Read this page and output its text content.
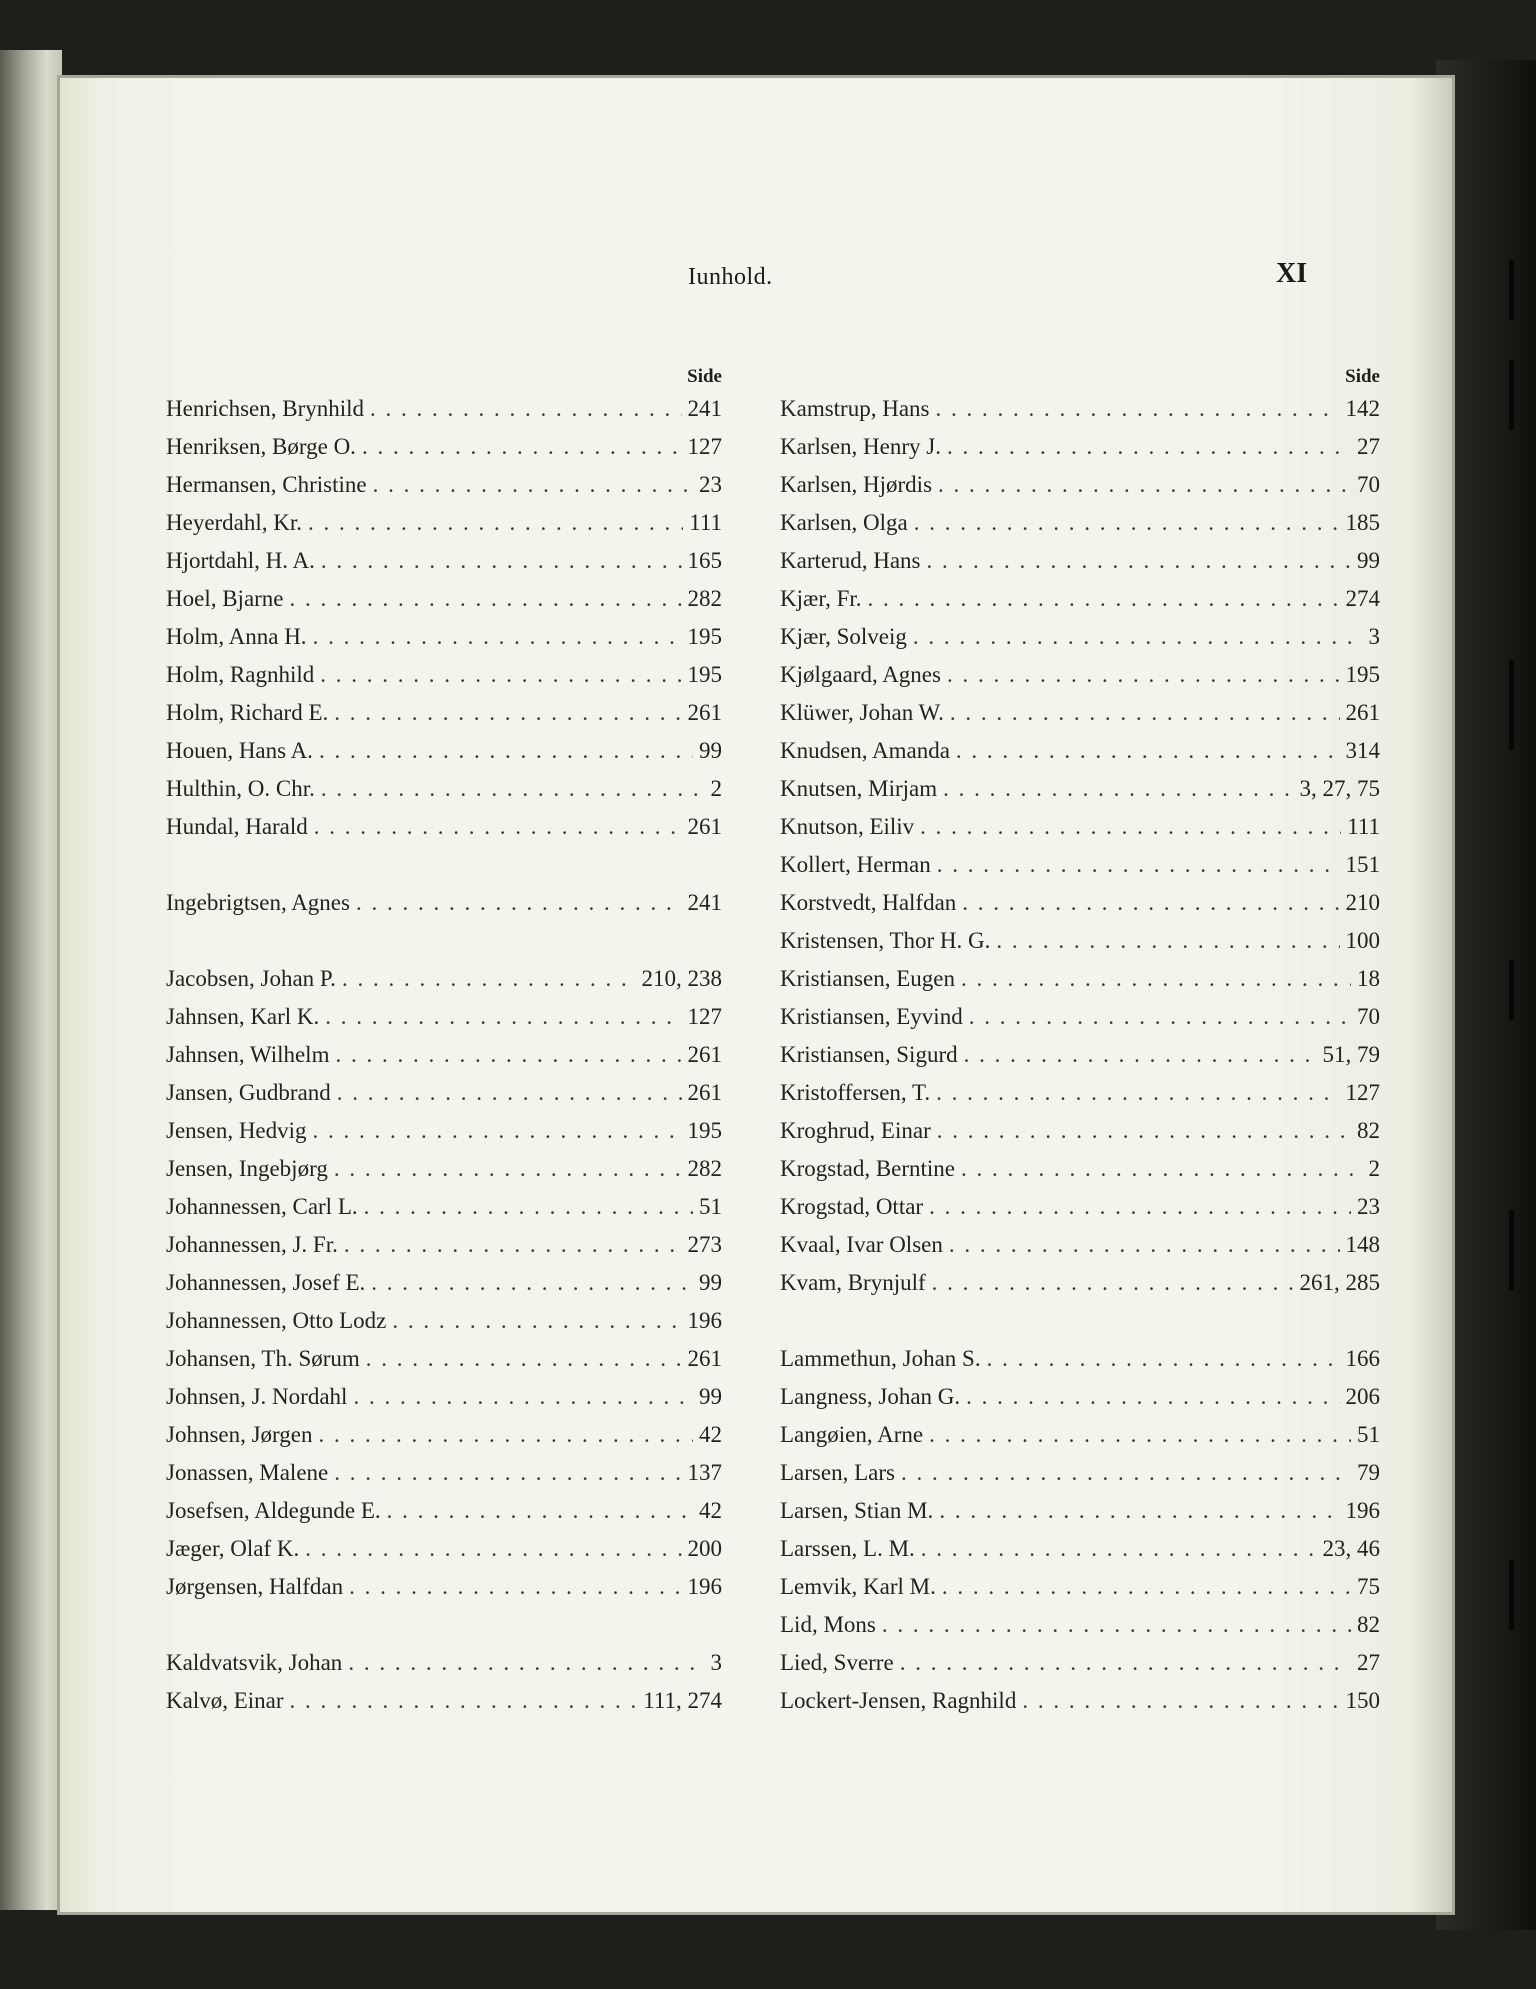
Iunhold.	XI
Side
Henrichsen, Brynhild . . .	241
Henriksen, Børge O. . . .	127
Hermansen, Christine . . .	23
Heyerdahl, Kr. . . .	111
Hjortdahl, H. A. . . .	165
Hoel, Bjarne . . .	282
Holm, Anna H. . . .	195
Holm, Ragnhild . . .	195
Holm, Richard E. . . .	261
Houen, Hans A. . . .	99
Hulthin, O. Chr. . . .	2
Hundal, Harald . . .	261
Ingebrigtsen, Agnes . . .	241
Jacobsen, Johan P. . . .	210, 238
Jahnsen, Karl K. . . .	127
Jahnsen, Wilhelm . . .	261
Jansen, Gudbrand . . .	261
Jensen, Hedvig . . .	195
Jensen, Ingebjørg . . .	282
Johannessen, Carl L. . . .	51
Johannessen, J. Fr. . . .	273
Johannessen, Josef E. . . .	99
Johannessen, Otto Lodz . . .	196
Johansen, Th. Sørum . . .	261
Johnsen, J. Nordahl . . .	99
Johnsen, Jørgen . . .	42
Jonassen, Malene . . .	137
Josefsen, Aldegunde E. . . .	42
Jæger, Olaf K. . . .	200
Jørgensen, Halfdan . . .	196
Kaldvatsvik, Johan . . .	3
Kalvø, Einar . . .	111, 274
Side
Kamstrup, Hans . . .	142
Karlsen, Henry J. . . .	27
Karlsen, Hjørdis . . .	70
Karlsen, Olga . . .	185
Karterud, Hans . . .	99
Kjær, Fr. . . .	274
Kjær, Solveig . . .	3
Kjølgaard, Agnes . . .	195
Klüwer, Johan W. . . .	261
Knudsen, Amanda . . .	314
Knutsen, Mirjam . . .	3, 27, 75
Knutson, Eiliv . . .	111
Kollert, Herman . . .	151
Korstvedt, Halfdan . . .	210
Kristensen, Thor H. G. . . .	100
Kristiansen, Eugen . . .	18
Kristiansen, Eyvind . . .	70
Kristiansen, Sigurd . . .	51, 79
Kristoffersen, T. . . .	127
Kroghrud, Einar . . .	82
Krogstad, Berntine . . .	2
Krogstad, Ottar . . .	23
Kvaal, Ivar Olsen . . .	148
Kvam, Brynjulf . . .	261, 285
Lammethun, Johan S. . . .	166
Langness, Johan G. . . .	206
Langøien, Arne . . .	51
Larsen, Lars . . .	79
Larsen, Stian M. . . .	196
Larssen, L. M. . . .	23, 46
Lemvik, Karl M. . . .	75
Lid, Mons . . .	82
Lied, Sverre . . .	27
Lockert-Jensen, Ragnhild . . .	150
